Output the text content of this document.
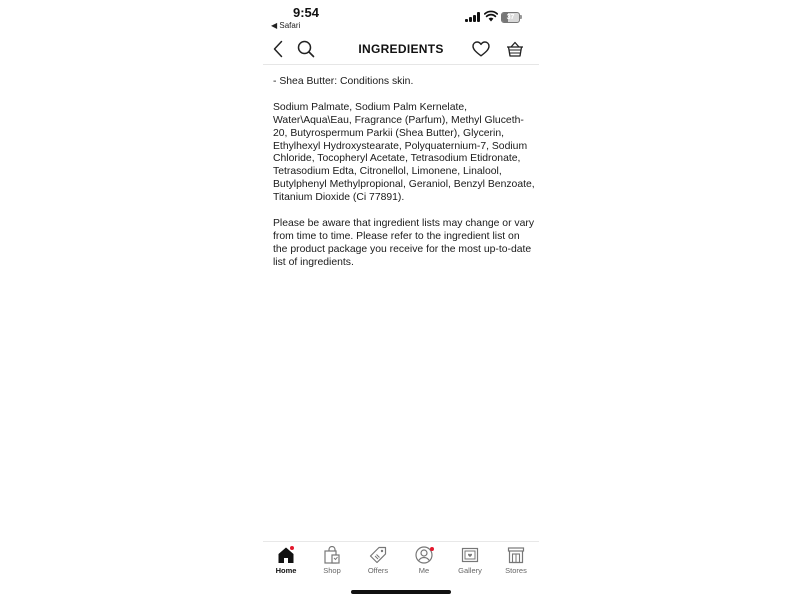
9:54
◀ Safari
37
INGREDIENTS

- Shea Butter: Conditions skin.

Sodium Palmate, Sodium Palm Kernelate, Water\Aqua\Eau, Fragrance (Parfum), Methyl Gluceth-20, Butyrospermum Parkii (Shea Butter), Glycerin, Ethylhexyl Hydroxystearate, Polyquaternium-7, Sodium Chloride, Tocopheryl Acetate, Tetrasodium Etidronate, Tetrasodium Edta, Citronellol, Limonene, Linalool, Butylphenyl Methylpropional, Geraniol, Benzyl Benzoate, Titanium Dioxide (Ci 77891).

Please be aware that ingredient lists may change or vary from time to time. Please refer to the ingredient list on the product package you receive for the most up-to-date list of ingredients.

Home	Shop	Offers	Me	Gallery	Stores
